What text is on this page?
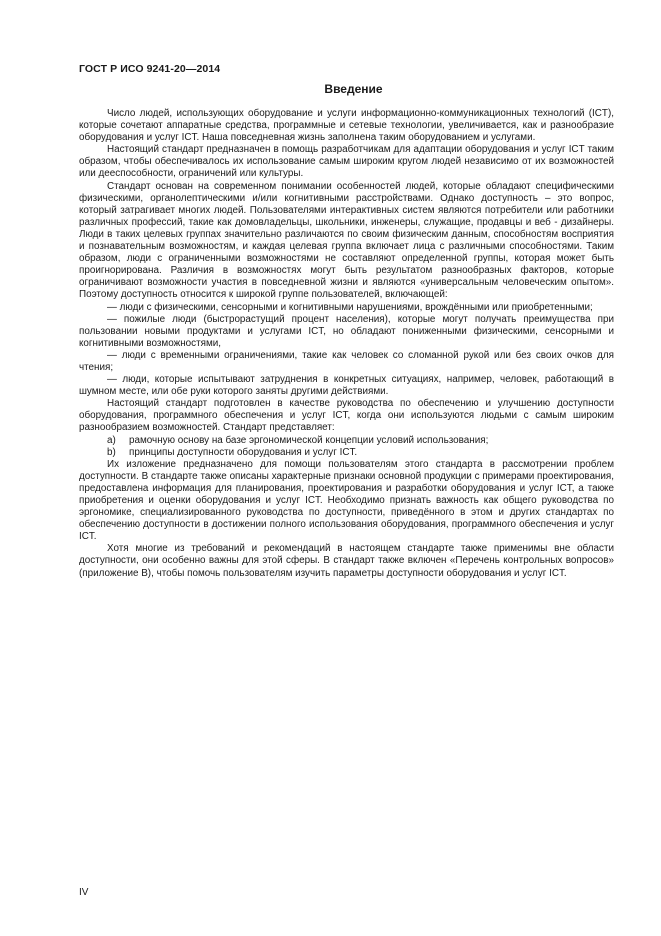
ГОСТ Р ИСО 9241-20—2014
Введение

Число людей, использующих оборудование и услуги информационно-коммуникационных технологий (ICT), которые сочетают аппаратные средства, программные и сетевые технологии, увеличивается, как и разнообразие оборудования и услуг ICT. Наша повседневная жизнь заполнена таким оборудованием и услугами.

Настоящий стандарт предназначен в помощь разработчикам для адаптации оборудования и услуг ICT таким образом, чтобы обеспечивалось их использование самым широким кругом людей независимо от их возможностей или дееспособности, ограничений или культуры.

Стандарт основан на современном понимании особенностей людей, которые обладают специфическими физическими, органолептическими и/или когнитивными расстройствами. Однако доступность – это вопрос, который затрагивает многих людей. Пользователями интерактивных систем являются потребители или работники различных профессий, такие как домовладельцы, школьники, инженеры, служащие, продавцы и веб - дизайнеры. Люди в таких целевых группах значительно различаются по своим физическим данным, способностям восприятия и познавательным возможностям, и каждая целевая группа включает лица с различными способностями. Таким образом, люди с ограниченными возможностями не составляют определенной группы, которая может быть проигнорирована. Различия в возможностях могут быть результатом разнообразных факторов, которые ограничивают возможности участия в повседневной жизни и являются «универсальным человеческим опытом». Поэтому доступность относится к широкой группе пользователей, включающей:

— люди с физическими, сенсорными и когнитивными нарушениями, врождёнными или приобретенными;

— пожилые люди (быстрорастущий процент населения), которые могут получать преимущества при пользовании новыми продуктами и услугами ICT, но обладают пониженными физическими, сенсорными и когнитивными возможностями,

— люди с временными ограничениями, такие как человек со сломанной рукой или без своих очков для чтения;

— люди, которые испытывают затруднения в конкретных ситуациях, например, человек, работающий в шумном месте, или обе руки которого заняты другими действиями.

Настоящий стандарт подготовлен в качестве руководства по обеспечению и улучшению доступности оборудования, программного обеспечения и услуг ICT, когда они используются людьми с самым широким разнообразием возможностей. Стандарт представляет:

a) рамочную основу на базе эргономической концепции условий использования;

b) принципы доступности оборудования и услуг ICT.

Их изложение предназначено для помощи пользователям этого стандарта в рассмотрении проблем доступности. В стандарте также описаны характерные признаки основной продукции с примерами проектирования, предоставлена информация для планирования, проектирования и разработки оборудования и услуг ICT, а также приобретения и оценки оборудования и услуг ICT. Необходимо признать важность как общего руководства по эргономике, специализированного руководства по доступности, приведённого в этом и других стандартах по обеспечению доступности в достижении полного использования оборудования, программного обеспечения и услуг ICT.

Хотя многие из требований и рекомендаций в настоящем стандарте также применимы вне области доступности, они особенно важны для этой сферы. В стандарт также включен «Перечень контрольных вопросов» (приложение B), чтобы помочь пользователям изучить параметры доступности оборудования и услуг ICT.

IV
